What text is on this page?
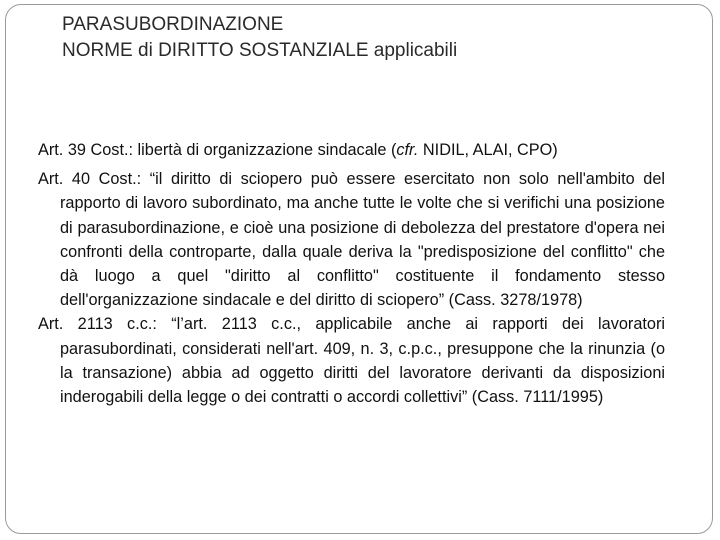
PARASUBORDINAZIONE
NORME di DIRITTO SOSTANZIALE applicabili

Art. 39 Cost.: libertà di organizzazione sindacale (cfr. NIDIL, ALAI, CPO)

Art. 40 Cost.: “il diritto di sciopero può essere esercitato non solo nell'ambito del rapporto di lavoro subordinato, ma anche tutte le volte che si verifichi una posizione di parasubordinazione, e cioè una posizione di debolezza del prestatore d'opera nei confronti della controparte, dalla quale deriva la "predisposizione del conflitto" che dà luogo a quel "diritto al conflitto" costituente il fondamento stesso dell'organizzazione sindacale e del diritto di sciopero” (Cass. 3278/1978)

Art. 2113 c.c.: “l’art. 2113 c.c., applicabile anche ai rapporti dei lavoratori parasubordinati, considerati nell'art. 409, n. 3, c.p.c., presuppone che la rinunzia (o la transazione) abbia ad oggetto diritti del lavoratore derivanti da disposizioni inderogabili della legge o dei contratti o accordi collettivi” (Cass. 7111/1995)
